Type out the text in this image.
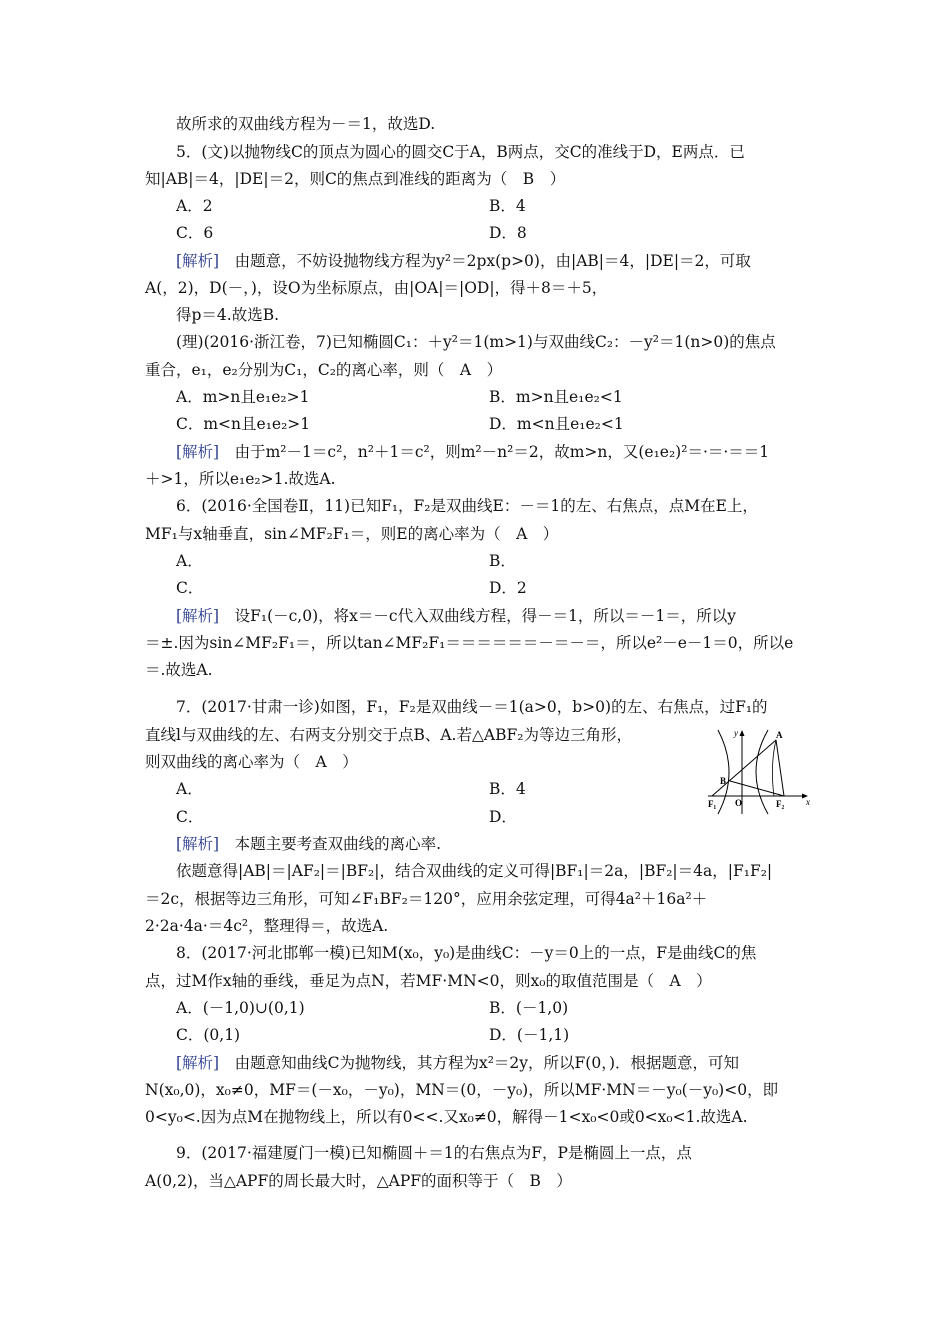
故所求的双曲线方程为－＝1，故选D.
5．(文)以抛物线C的顶点为圆心的圆交C于A，B两点，交C的准线于D，E两点．已
知|AB|＝4，|DE|＝2，则C的焦点到准线的距离为（　B　）
A．2	B．4
C．6	D．8
[解析]　由题意，不妨设抛物线方程为y²＝2px(p>0)，由|AB|＝4，|DE|＝2，可取
A(，2)，D(－，)，设O为坐标原点，由|OA|＝|OD|，得＋8＝＋5，
得p＝4.故选B.
(理)(2016·浙江卷，7)已知椭圆C₁：＋y²＝1(m>1)与双曲线C₂：－y²＝1(n>0)的焦点
重合，e₁，e₂分别为C₁，C₂的离心率，则（　A　）
A．m>n且e₁e₂>1	B．m>n且e₁e₂<1
C．m<n且e₁e₂>1	D．m<n且e₁e₂<1
[解析]　由于m²－1＝c²，n²＋1＝c²，则m²－n²＝2，故m>n，又(e₁e₂)²＝·＝·＝＝1
＋>1，所以e₁e₂>1.故选A.
6．(2016·全国卷Ⅱ，11)已知F₁，F₂是双曲线E：－＝1的左、右焦点，点M在E上，
MF₁与x轴垂直，sin∠MF₂F₁＝，则E的离心率为（　A　）
A．	B．
C．	D．2
[解析]　设F₁(－c,0)，将x＝－c代入双曲线方程，得－＝1，所以＝－1＝，所以y
＝±.因为sin∠MF₂F₁＝，所以tan∠MF₂F₁＝＝＝＝＝＝－＝－＝，所以e²－e－1＝0，所以e
＝.故选A.
7．(2017·甘肃一诊)如图，F₁，F₂是双曲线－＝1(a>0，b>0)的左、右焦点，过F₁的
直线l与双曲线的左、右两支分别交于点B、A.若△ABF₂为等边三角形，
则双曲线的离心率为（　A　）
A．	B．4
C．	D．
[解析]　本题主要考查双曲线的离心率.
依题意得|AB|＝|AF₂|＝|BF₂|，结合双曲线的定义可得|BF₁|＝2a，|BF₂|＝4a，|F₁F₂|
＝2c，根据等边三角形，可知∠F₁BF₂＝120°，应用余弦定理，可得4a²＋16a²＋
2·2a·4a·＝4c²，整理得＝，故选A.
8．(2017·河北邯郸一模)已知M(x₀，y₀)是曲线C：－y＝0上的一点，F是曲线C的焦
点，过M作x轴的垂线，垂足为点N，若MF·MN<0，则x₀的取值范围是（　A　）
A．(－1,0)∪(0,1)	B．(－1,0)
C．(0,1)	D．(－1,1)
[解析]　由题意知曲线C为抛物线，其方程为x²＝2y，所以F(0，)．根据题意，可知
N(x₀,0)，x₀≠0，MF＝(－x₀，－y₀)，MN＝(0，－y₀)，所以MF·MN＝－y₀(－y₀)<0，即
0<y₀<.因为点M在抛物线上，所以有0<<.又x₀≠0，解得－1<x₀<0或0<x₀<1.故选A.
9．(2017·福建厦门一模)已知椭圆＋＝1的右焦点为F，P是椭圆上一点，点
A(0,2)，当△APF的周长最大时，△APF的面积等于（　B　）
y
x
A
B
O
F₁	F₂
